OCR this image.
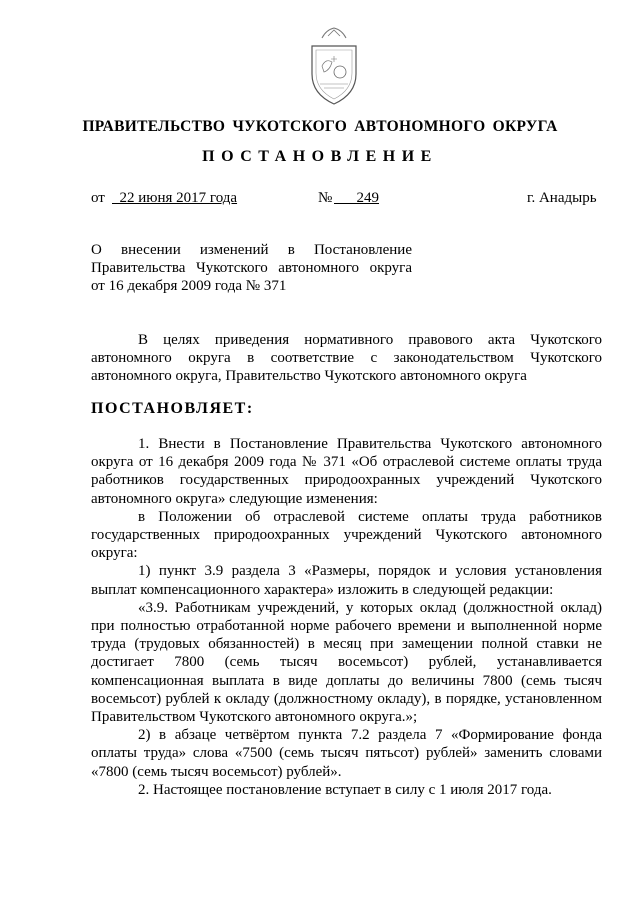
ПРАВИТЕЛЬСТВО ЧУКОТСКОГО АВТОНОМНОГО ОКРУГА
ПОСТАНОВЛЕНИЕ
от 22 июня 2017 года	№	249	г. Анадырь
О внесении изменений в Постановление
Правительства Чукотского автономного округа
от 16 декабря 2009 года № 371

В целях приведения нормативного правового акта Чукотского автономного округа в соответствие с законодательством Чукотского автономного округа, Правительство Чукотского автономного округа

ПОСТАНОВЛЯЕТ:

1. Внести в Постановление Правительства Чукотского автономного округа от 16 декабря 2009 года № 371 «Об отраслевой системе оплаты труда работников государственных природоохранных учреждений Чукотского автономного округа» следующие изменения:

в Положении об отраслевой системе оплаты труда работников государственных природоохранных учреждений Чукотского автономного округа:

1) пункт 3.9 раздела 3 «Размеры, порядок и условия установления выплат компенсационного характера» изложить в следующей редакции:

«3.9. Работникам учреждений, у которых оклад (должностной оклад) при полностью отработанной норме рабочего времени и выполненной норме труда (трудовых обязанностей) в месяц при замещении полной ставки не достигает 7800 (семь тысяч восемьсот) рублей, устанавливается компенсационная выплата в виде доплаты до величины 7800 (семь тысяч восемьсот) рублей к окладу (должностному окладу), в порядке, установленном Правительством Чукотского автономного округа.»;

2) в абзаце четвёртом пункта 7.2 раздела 7 «Формирование фонда оплаты труда» слова «7500 (семь тысяч пятьсот) рублей» заменить словами «7800 (семь тысяч восемьсот) рублей».

2. Настоящее постановление вступает в силу с 1 июля 2017 года.
